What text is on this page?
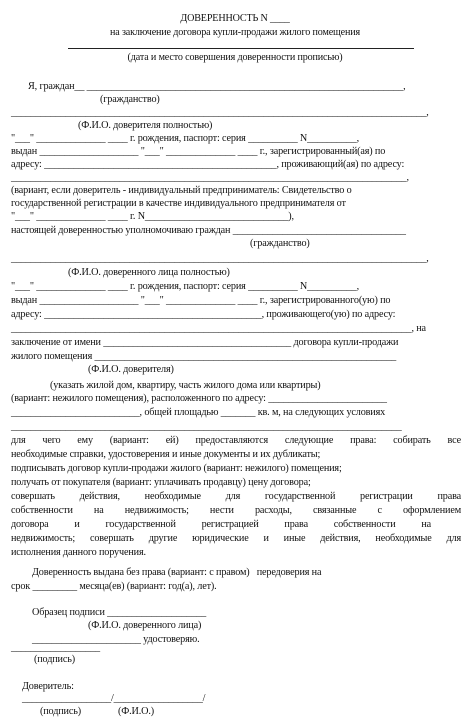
ДОВЕРЕННОСТЬ N ____
на заключение договора купли-продажи жилого помещения
(дата и место совершения доверенности прописью)
Я, граждан__ ________________________________________________________________,
(гражданство)
____________________________________________________________________________________,
(Ф.И.О. доверителя полностью)
"___" ______________ ____ г. рождения, паспорт: серия __________ N__________,
выдан ____________________ "___" ______________ ____ г., зарегистрированный(ая) по
адресу: _______________________________________________, проживающий(ая) по адресу:
________________________________________________________________________________,
(вариант, если доверитель - индивидуальный предприниматель: Свидетельство о
государственной регистрации в качестве индивидуального предпринимателя от
"___" ______________ ____ г. N_____________________________),
настоящей доверенностью уполномочиваю граждан ___________________________________
(гражданство)
____________________________________________________________________________________,
(Ф.И.О. доверенного лица полностью)
"___" ______________ ____ г. рождения, паспорт: серия __________ N__________,
выдан ____________________ "___" ______________ ____ г., зарегистрированного(ую) по
адресу: ____________________________________________, проживающего(ую) по адресу:
_________________________________________________________________________________, на
заключение от имени ______________________________________ договора купли-продажи
жилого помещения _____________________________________________________________
(Ф.И.О. доверителя)
(указать жилой дом, квартиру, часть жилого дома или квартиры)
(вариант: нежилого помещения), расположенного по адресу: ________________________
__________________________, общей площадью _______ кв. м, на следующих условиях
_______________________________________________________________________________
для чего ему (вариант: ей) предоставляются следующие права: собирать все
необходимые справки, удостоверения и иные документы и их дубликаты;
подписывать договор купли-продажи жилого (вариант: нежилого) помещения;
получать от покупателя (вариант: уплачивать продавцу) цену договора;
совершать действия, необходимые для государственной регистрации права
собственности на недвижимость; нести расходы, связанные с оформлением
договора и государственной регистрацией права собственности на
недвижимость; совершать другие юридические и иные действия, необходимые для
исполнения данного поручения.
Доверенность выдана без права (вариант: с правом)   передоверия на
срок _________ месяца(ев) (вариант: год(а), лет).
Образец подписи ____________________
(Ф.И.О. доверенного лица)
______________________ удостоверяю.
__________________
(подпись)
Доверитель:
__________________/__________________/
(подпись)	(Ф.И.О.)
